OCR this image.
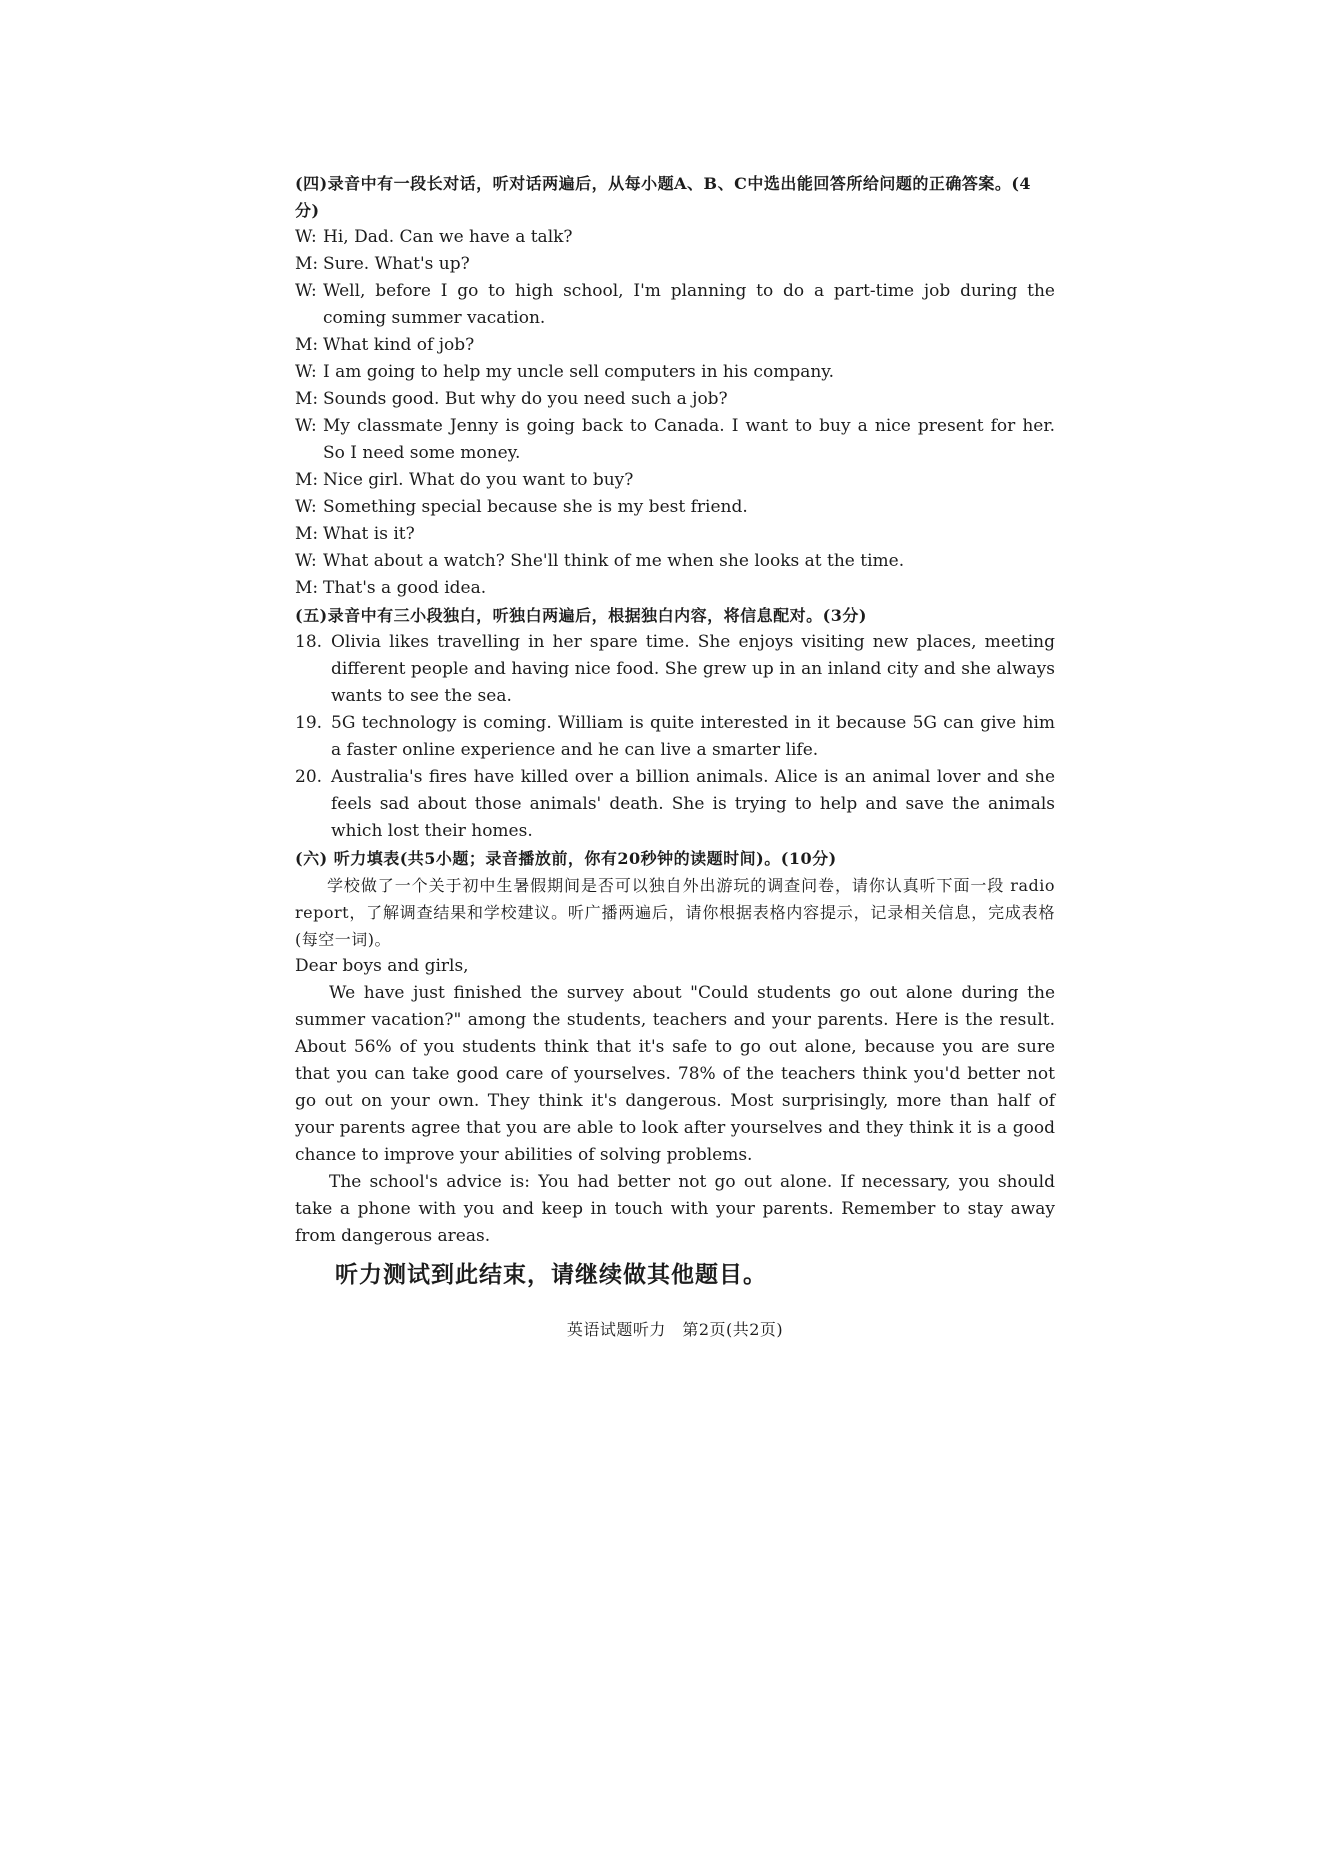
(四)录音中有一段长对话，听对话两遍后，从每小题A、B、C中选出能回答所给问题的正确答案。(4分)
W: Hi, Dad. Can we have a talk?
M: Sure. What's up?
W: Well, before I go to high school, I'm planning to do a part-time job during the coming summer vacation.
M: What kind of job?
W: I am going to help my uncle sell computers in his company.
M: Sounds good. But why do you need such a job?
W: My classmate Jenny is going back to Canada. I want to buy a nice present for her. So I need some money.
M: Nice girl. What do you want to buy?
W: Something special because she is my best friend.
M: What is it?
W: What about a watch? She'll think of me when she looks at the time.
M: That's a good idea.
(五)录音中有三小段独白，听独白两遍后，根据独白内容，将信息配对。(3分)
18. Olivia likes travelling in her spare time. She enjoys visiting new places, meeting different people and having nice food. She grew up in an inland city and she always wants to see the sea.
19. 5G technology is coming. William is quite interested in it because 5G can give him a faster online experience and he can live a smarter life.
20. Australia's fires have killed over a billion animals. Alice is an animal lover and she feels sad about those animals' death. She is trying to help and save the animals which lost their homes.
(六) 听力填表(共5小题；录音播放前，你有20秒钟的读题时间)。(10分)
学校做了一个关于初中生暑假期间是否可以独自外出游玩的调查问卷，请你认真听下面一段 radio report，了解调查结果和学校建议。听广播两遍后，请你根据表格内容提示，记录相关信息，完成表格(每空一词)。
Dear boys and girls,
We have just finished the survey about "Could students go out alone during the summer vacation?" among the students, teachers and your parents. Here is the result. About 56% of you students think that it's safe to go out alone, because you are sure that you can take good care of yourselves. 78% of the teachers think you'd better not go out on your own. They think it's dangerous. Most surprisingly, more than half of your parents agree that you are able to look after yourselves and they think it is a good chance to improve your abilities of solving problems.
The school's advice is: You had better not go out alone. If necessary, you should take a phone with you and keep in touch with your parents. Remember to stay away from dangerous areas.
听力测试到此结束，请继续做其他题目。
英语试题听力　第2页(共2页)
